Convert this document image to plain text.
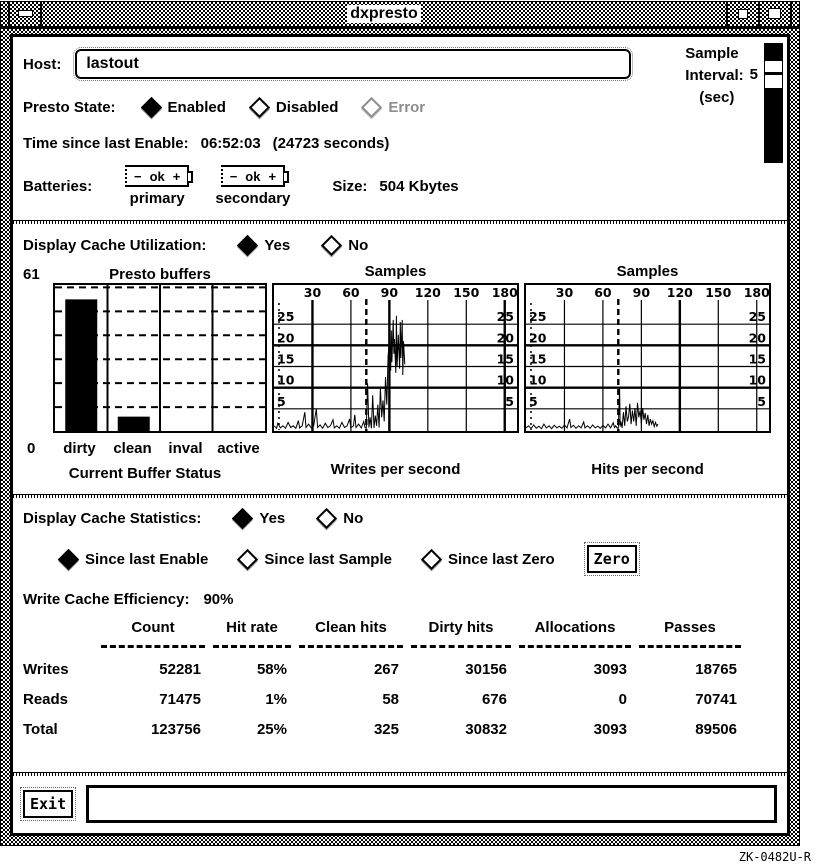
dxpresto
Sample
Interval:
(sec)
5
Host:
lastout
Presto State:	Enabled	Disabled	Error
Time since last Enable: 06:52:03 (24723 seconds)
Batteries:
− ok +
primary
− ok +
secondary
Size: 504 Kbytes
Display Cache Utilization:	Yes	No
61	Presto buffers
0	dirty	clean	inval active
Current Buffer Status
Samples
30 60 90 120 150 180
5	5
10	10
15	15
20	20
25	25
Writes per second
Samples
30 60 90 120 150 180
5	5
10	10
15	15
20	20
25	25
Hits per second
Display Cache Statistics:	Yes	No
Since last Enable	Since last Sample	Since last Zero	Zero
Write Cache Efficiency: 90%
Count	Hit rate	Clean hits	Dirty hits	Allocations	Passes
Writes	52281	58%	267	30156	3093	18765
Reads	71475	1%	58	676	0	70741
Total	123756	25%	325	30832	3093	89506
Exit
ZK-0482U-R
